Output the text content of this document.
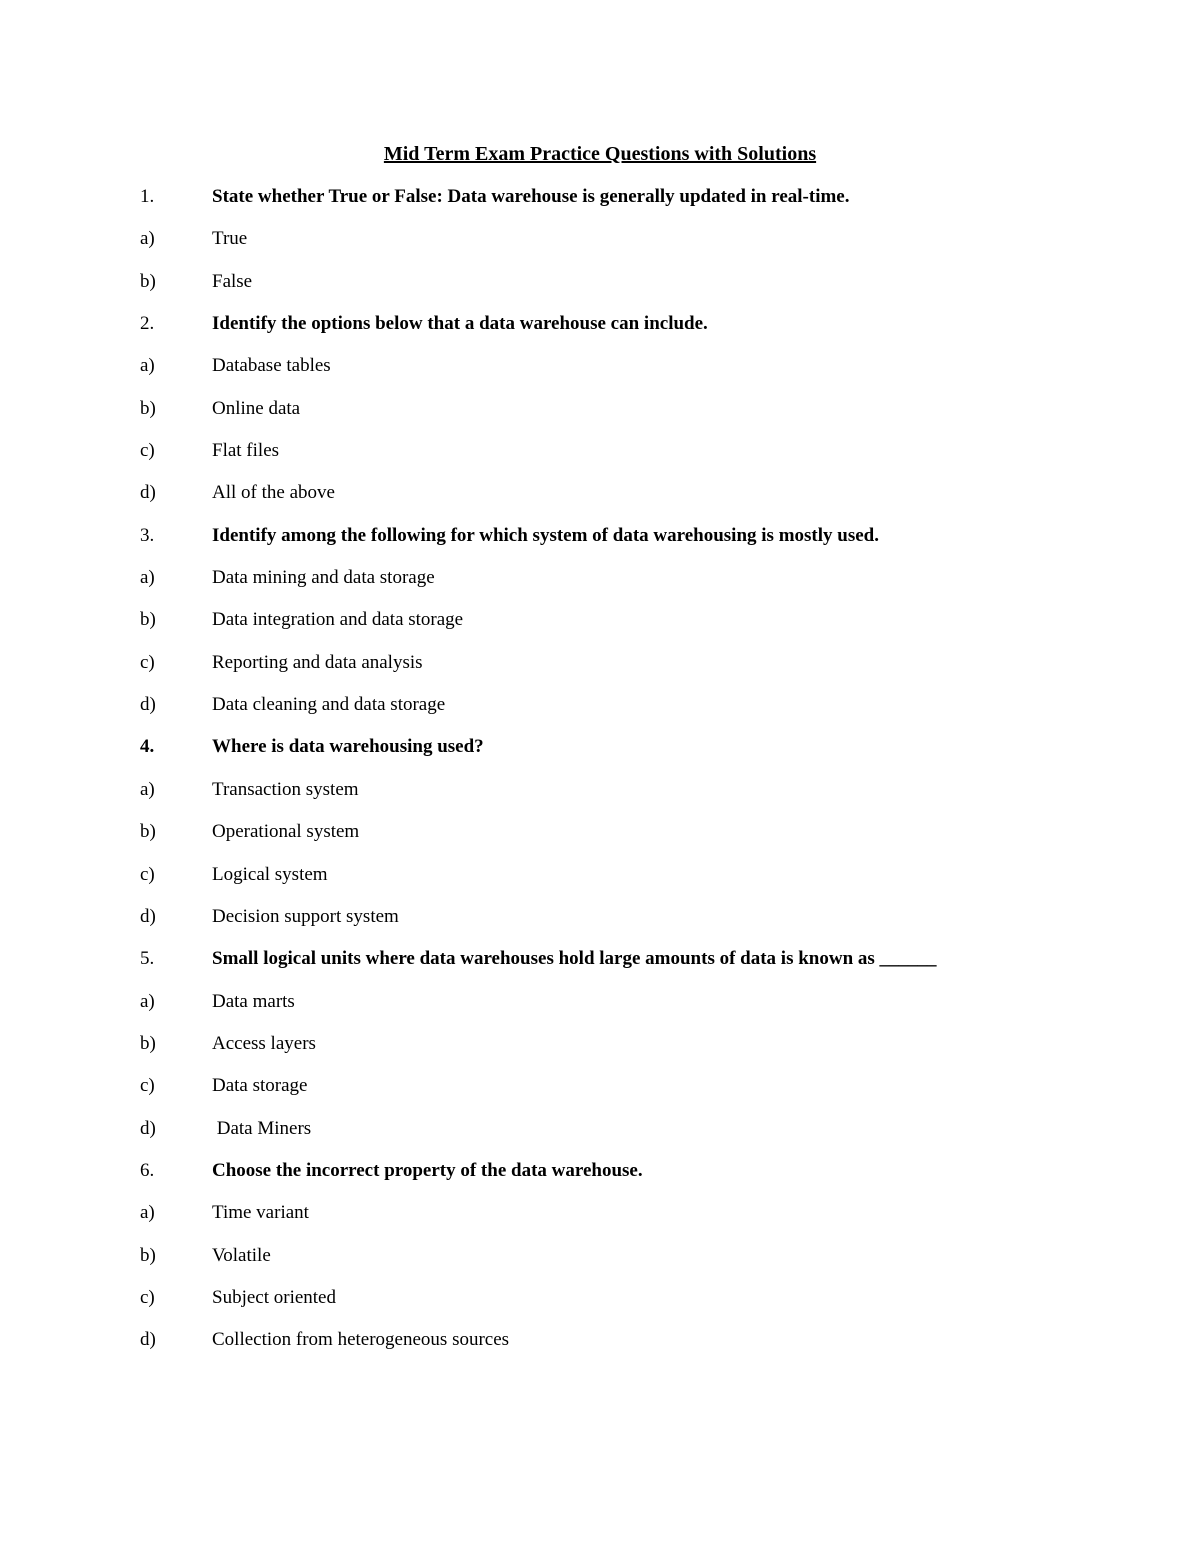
Mid Term Exam Practice Questions with Solutions
1.	State whether True or False: Data warehouse is generally updated in real-time.
a)	True
b)	False
2.	Identify the options below that a data warehouse can include.
a)	Database tables
b)	Online data
c)	Flat files
d)	All of the above
3.	Identify among the following for which system of data warehousing is mostly used.
a)	Data mining and data storage
b)	Data integration and data storage
c)	Reporting and data analysis
d)	Data cleaning and data storage
4.	Where is data warehousing used?
a)	Transaction system
b)	Operational system
c)	Logical system
d)	Decision support system
5.	Small logical units where data warehouses hold large amounts of data is known as ______
a)	Data marts
b)	Access layers
c)	Data storage
d)	Data Miners
6.	Choose the incorrect property of the data warehouse.
a)	Time variant
b)	Volatile
c)	Subject oriented
d)	Collection from heterogeneous sources
